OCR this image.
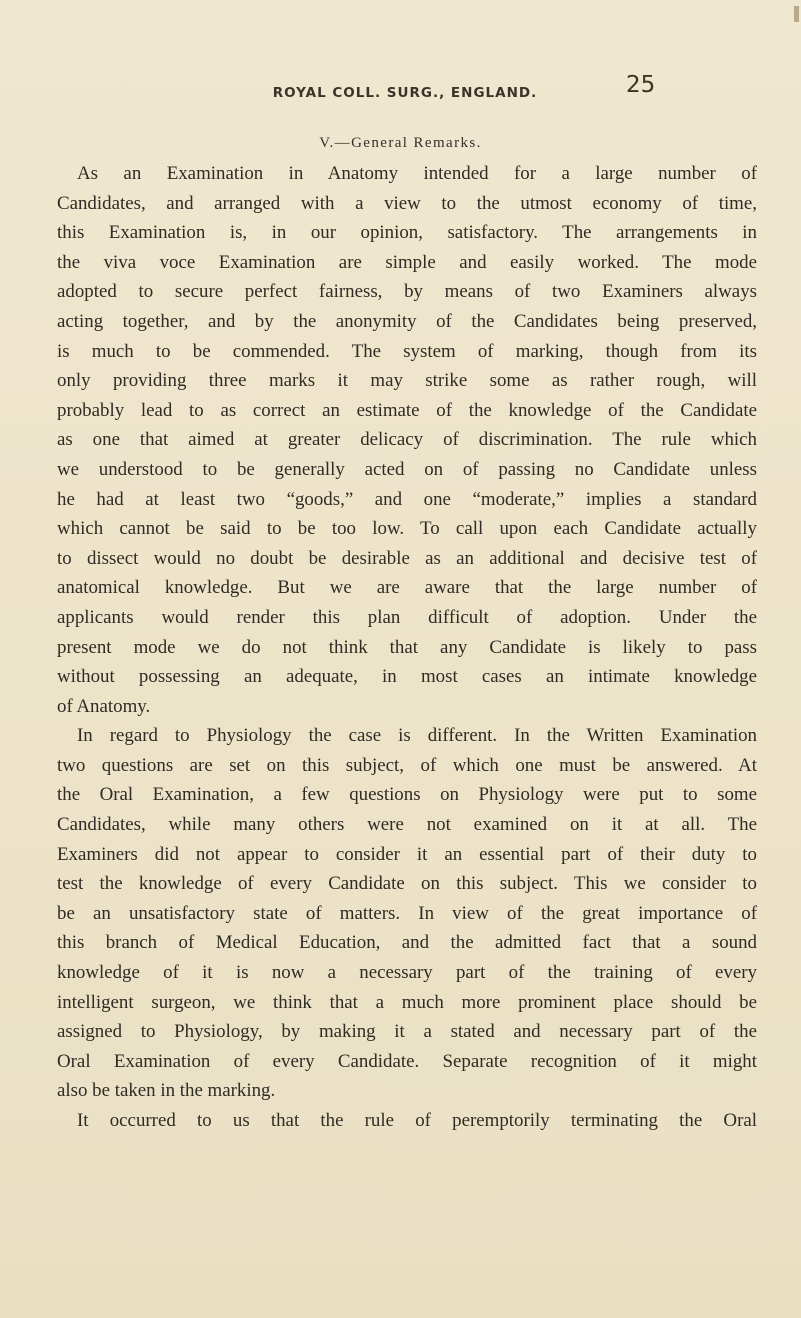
ROYAL COLL. SURG., ENGLAND.	25
V.—General Remarks.
As an Examination in Anatomy intended for a large number of
Candidates, and arranged with a view to the utmost economy of time,
this Examination is, in our opinion, satisfactory. The arrangements in
the viva voce Examination are simple and easily worked. The mode
adopted to secure perfect fairness, by means of two Examiners always
acting together, and by the anonymity of the Candidates being preserved,
is much to be commended. The system of marking, though from its
only providing three marks it may strike some as rather rough, will
probably lead to as correct an estimate of the knowledge of the Candidate
as one that aimed at greater delicacy of discrimination. The rule which
we understood to be generally acted on of passing no Candidate unless
he had at least two “goods,” and one “moderate,” implies a standard
which cannot be said to be too low. To call upon each Candidate actually
to dissect would no doubt be desirable as an additional and decisive test of
anatomical knowledge. But we are aware that the large number of
applicants would render this plan difficult of adoption. Under the
present mode we do not think that any Candidate is likely to pass
without possessing an adequate, in most cases an intimate knowledge
of Anatomy.
In regard to Physiology the case is different. In the Written Examination
two questions are set on this subject, of which one must be answered. At
the Oral Examination, a few questions on Physiology were put to some
Candidates, while many others were not examined on it at all. The
Examiners did not appear to consider it an essential part of their duty to
test the knowledge of every Candidate on this subject. This we consider to
be an unsatisfactory state of matters. In view of the great importance of
this branch of Medical Education, and the admitted fact that a sound
knowledge of it is now a necessary part of the training of every
intelligent surgeon, we think that a much more prominent place should be
assigned to Physiology, by making it a stated and necessary part of the
Oral Examination of every Candidate. Separate recognition of it might
also be taken in the marking.
It occurred to us that the rule of peremptorily terminating the Oral
